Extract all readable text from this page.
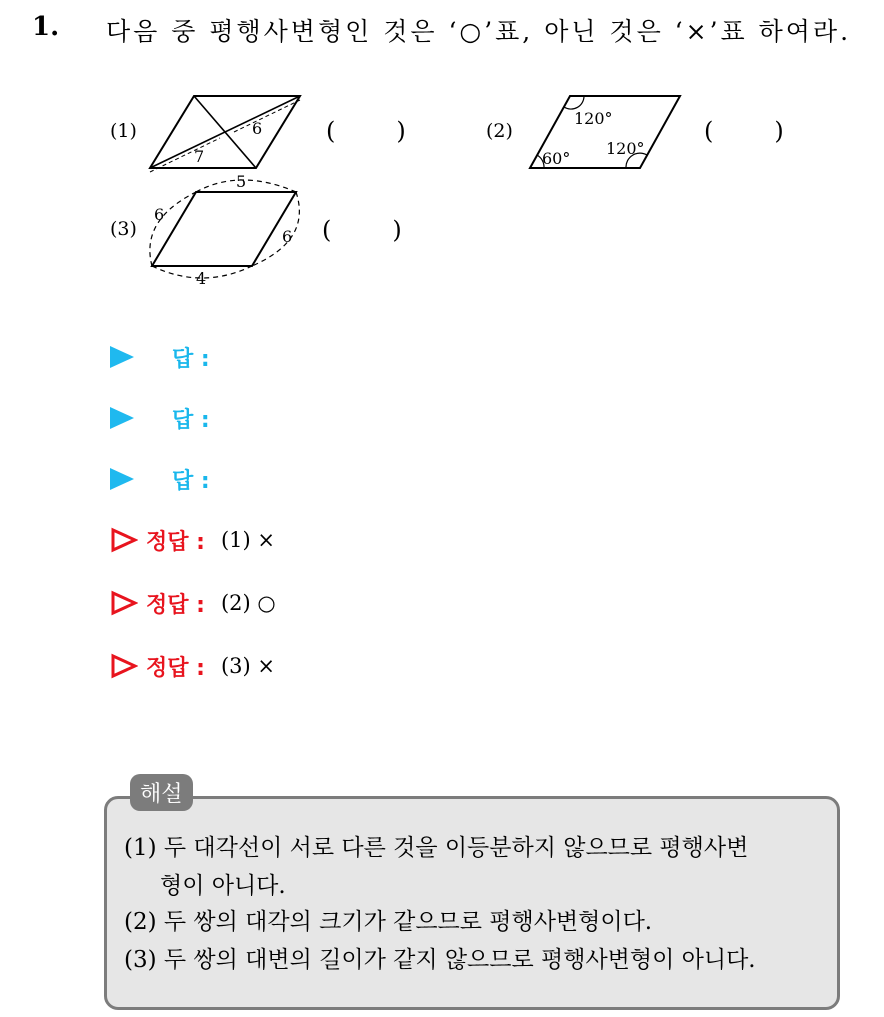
1. 다음 중 평행사변형인 것은 ‘○’표, 아닌 것은 ‘×’표 하여라.
(1)	6
7
(        )	(2)
120°
60°
120°
(        )
(3)
5
6
6
4
(        )
답 :
답 :
답 :
정답 : (1) ×
정답 : (2) ○
정답 : (3) ×
해설
(1) 두 대각선이 서로 다른 것을 이등분하지 않으므로 평행사변
형이 아니다.
(2) 두 쌍의 대각의 크기가 같으므로 평행사변형이다.
(3) 두 쌍의 대변의 길이가 같지 않으므로 평행사변형이 아니다.
